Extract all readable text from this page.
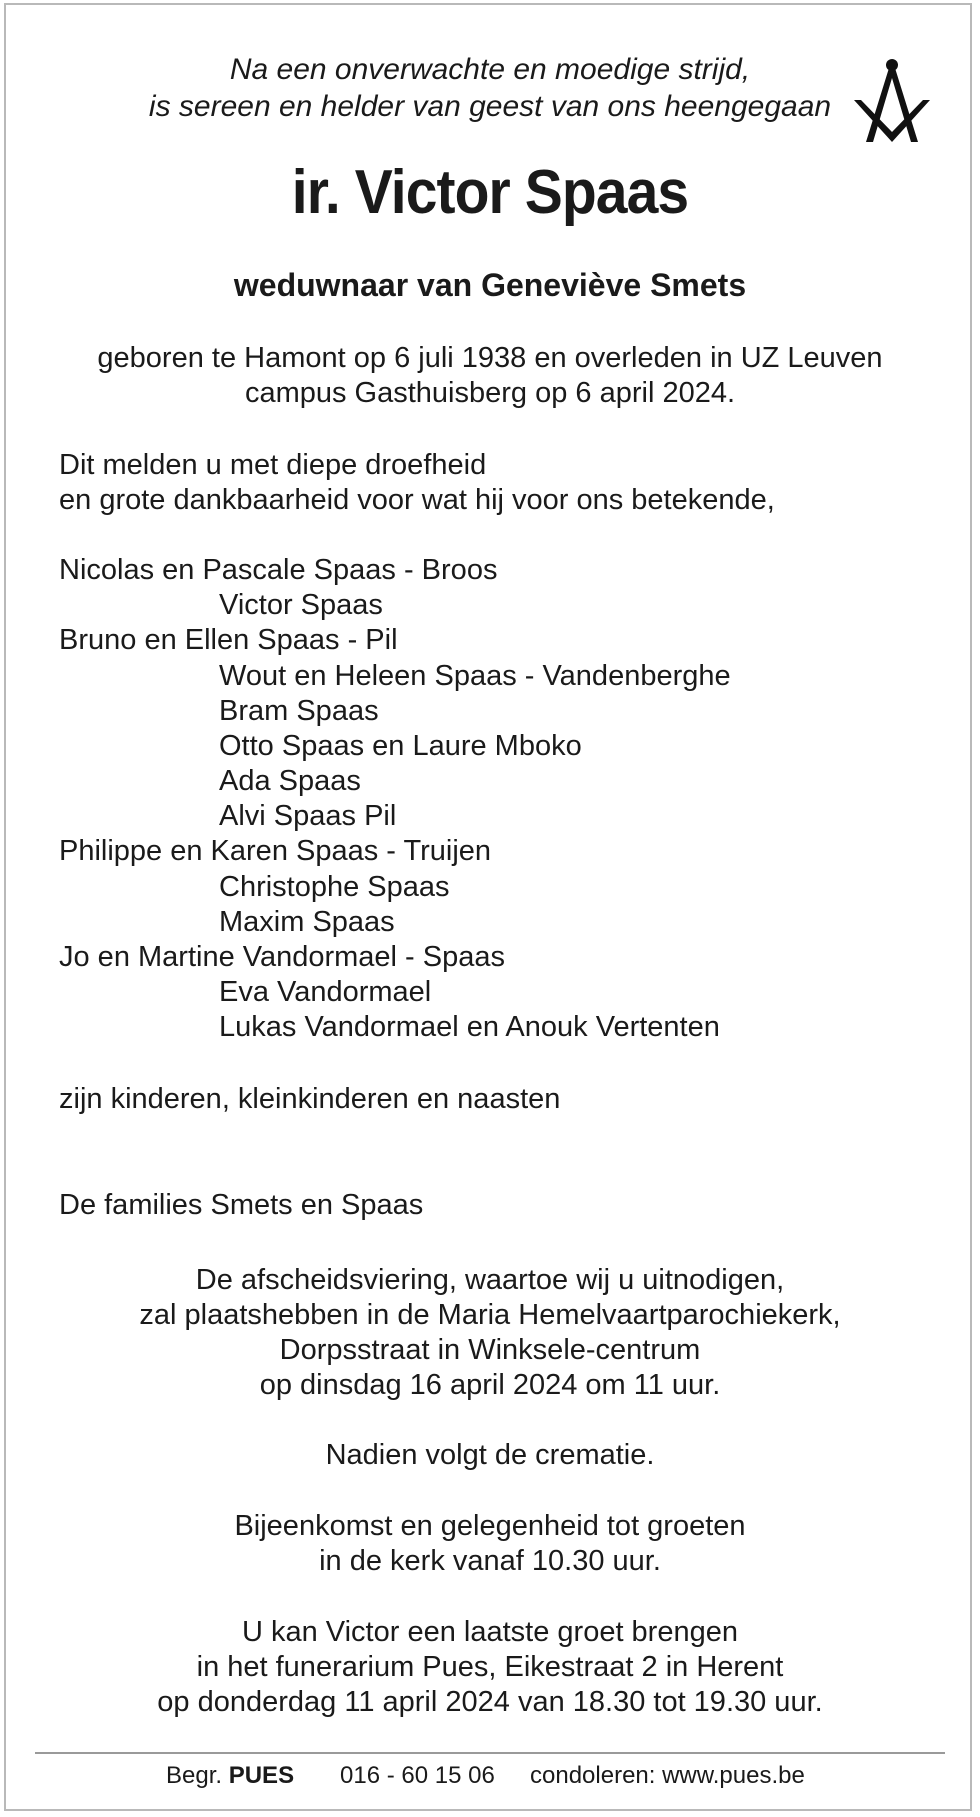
Na een onverwachte en moedige strijd,
is sereen en helder van geest van ons heengegaan
ir. Victor Spaas
weduwnaar van Geneviève Smets
geboren te Hamont op 6 juli 1938 en overleden in UZ Leuven
campus Gasthuisberg op 6 april 2024.
Dit melden u met diepe droefheid
en grote dankbaarheid voor wat hij voor ons betekende,
Nicolas en Pascale Spaas - Broos
Victor Spaas
Bruno en Ellen Spaas - Pil
Wout en Heleen Spaas - Vandenberghe
Bram Spaas
Otto Spaas en Laure Mboko
Ada Spaas
Alvi Spaas Pil
Philippe en Karen Spaas - Truijen
Christophe Spaas
Maxim Spaas
Jo en Martine Vandormael - Spaas
Eva Vandormael
Lukas Vandormael en Anouk Vertenten
zijn kinderen, kleinkinderen en naasten
De families Smets en Spaas
De afscheidsviering, waartoe wij u uitnodigen,
zal plaatshebben in de Maria Hemelvaartparochiekerk,
Dorpsstraat in Winksele-centrum
op dinsdag 16 april 2024 om 11 uur.
Nadien volgt de crematie.
Bijeenkomst en gelegenheid tot groeten
in de kerk vanaf 10.30 uur.
U kan Victor een laatste groet brengen
in het funerarium Pues, Eikestraat 2 in Herent
op donderdag 11 april 2024 van 18.30 tot 19.30 uur.
Begr. PUES 016 - 60 15 06 condoleren: www.pues.be
